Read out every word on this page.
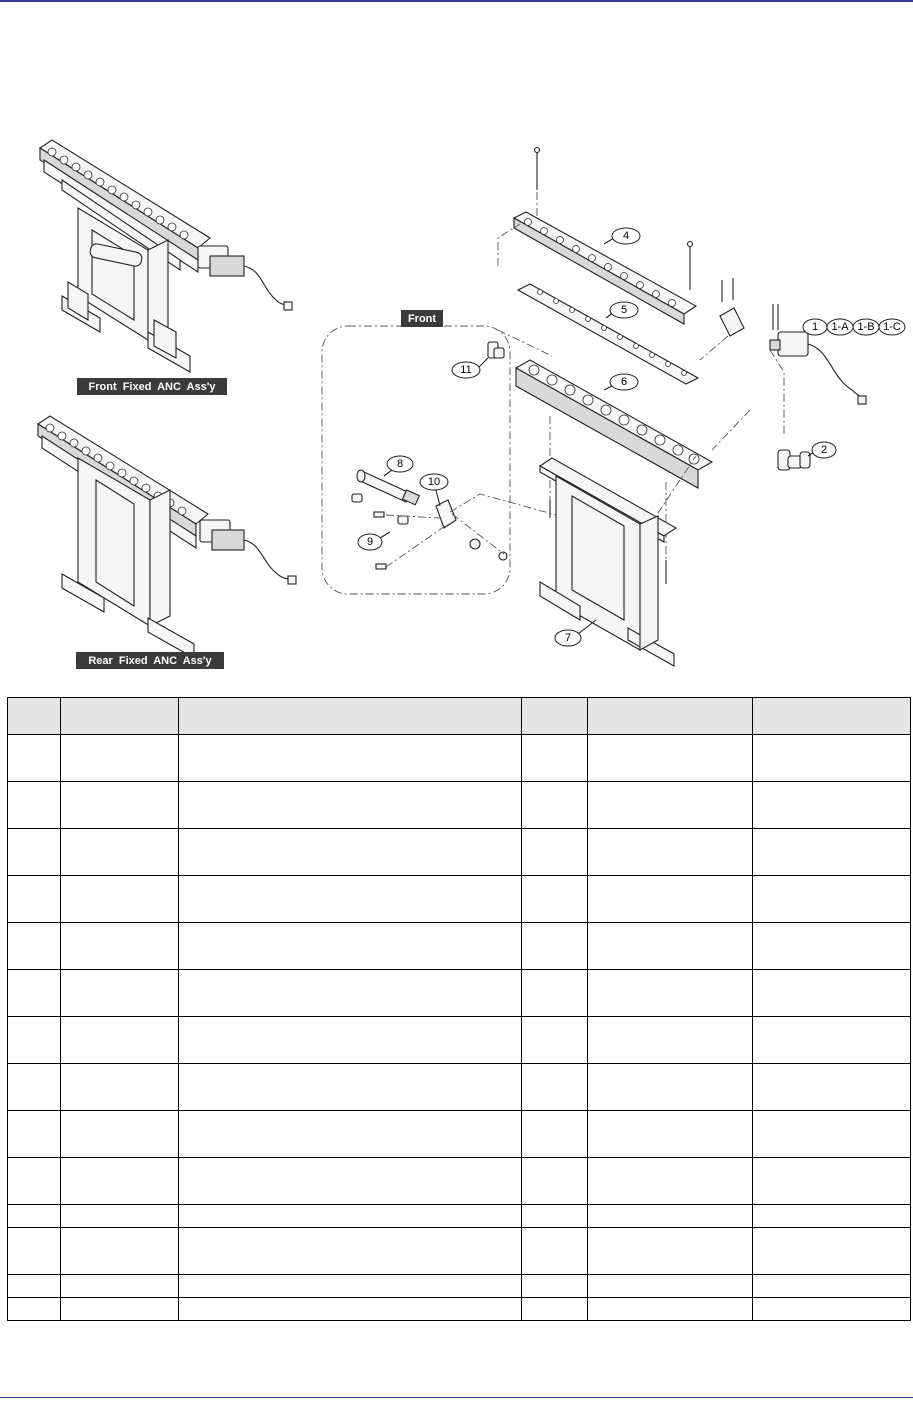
Front Fixed ANC Ass'y
Rear Fixed ANC Ass'y
Front
4
5
6
1 1-A 1-B 1-C
2
7
8
9
10
11
